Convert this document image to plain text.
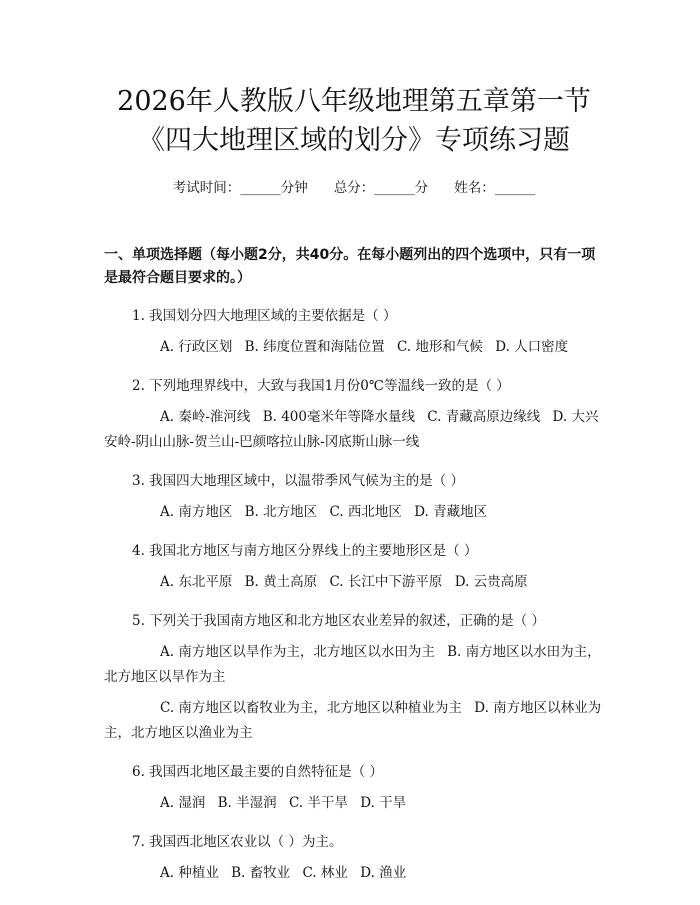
2026年人教版八年级地理第五章第一节《四大地理区域的划分》专项练习题
考试时间：______分钟 总分：______分 姓名：______
一、单项选择题（每小题2分，共40分。在每小题列出的四个选项中，只有一项是最符合题目要求的。）
1. 我国划分四大地理区域的主要依据是（ ）
A. 行政区划 B. 纬度位置和海陆位置 C. 地形和气候 D. 人口密度
2. 下列地理界线中，大致与我国1月份0℃等温线一致的是（ ）
A. 秦岭-淮河线 B. 400毫米年等降水量线 C. 青藏高原边缘线 D. 大兴安岭-阴山山脉-贺兰山-巴颜喀拉山脉-冈底斯山脉一线
3. 我国四大地理区域中，以温带季风气候为主的是（ ）
A. 南方地区 B. 北方地区 C. 西北地区 D. 青藏地区
4. 我国北方地区与南方地区分界线上的主要地形区是（ ）
A. 东北平原 B. 黄土高原 C. 长江中下游平原 D. 云贵高原
5. 下列关于我国南方地区和北方地区农业差异的叙述，正确的是（ ）
A. 南方地区以旱作为主，北方地区以水田为主 B. 南方地区以水田为主，北方地区以旱作为主
C. 南方地区以畜牧业为主，北方地区以种植业为主 D. 南方地区以林业为主，北方地区以渔业为主
6. 我国西北地区最主要的自然特征是（ ）
A. 湿润 B. 半湿润 C. 半干旱 D. 干旱
7. 我国西北地区农业以（ ）为主。
A. 种植业 B. 畜牧业 C. 林业 D. 渔业
